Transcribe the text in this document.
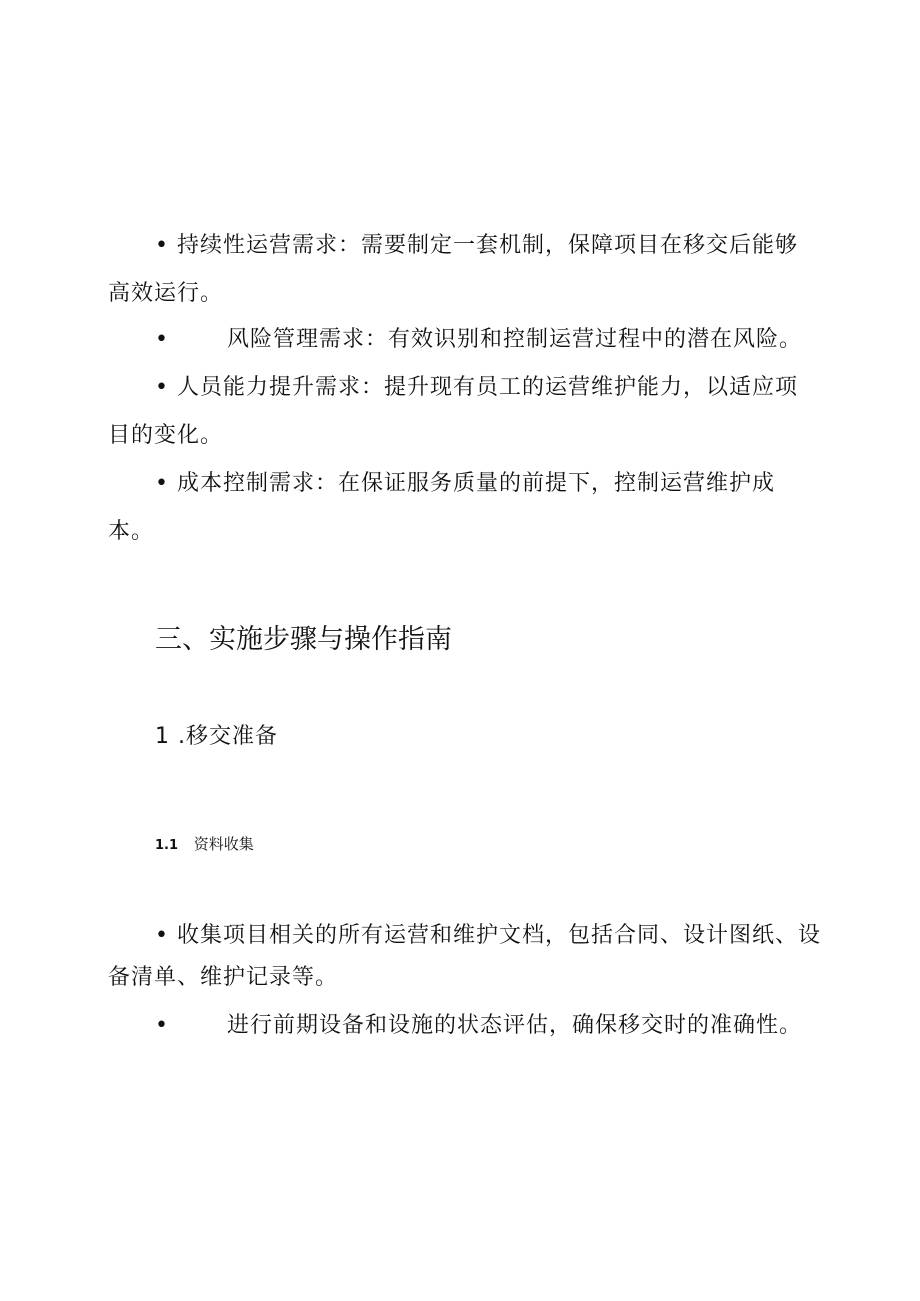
• 持续性运营需求：需要制定一套机制，保障项目在移交后能够
高效运行。
•	风险管理需求：有效识别和控制运营过程中的潜在风险。
• 人员能力提升需求：提升现有员工的运营维护能力，以适应项
目的变化。
• 成本控制需求：在保证服务质量的前提下，控制运营维护成
本。
三、实施步骤与操作指南
1 .移交准备
1.1 资料收集
• 收集项目相关的所有运营和维护文档，包括合同、设计图纸、设
备清单、维护记录等。
•	进行前期设备和设施的状态评估，确保移交时的准确性。
